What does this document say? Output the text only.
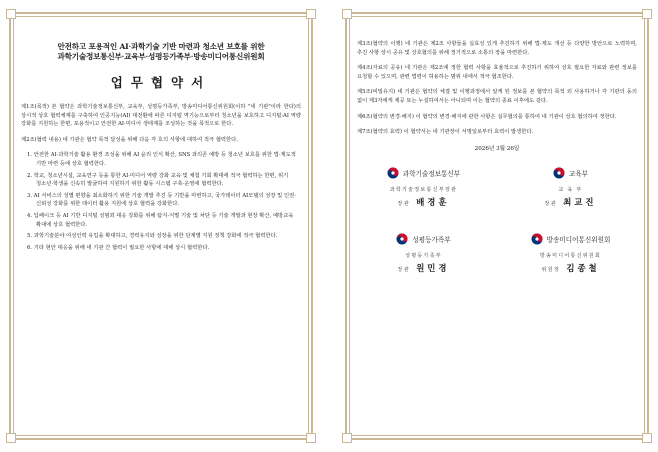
안전하고 포용적인 AI·과학기술 기반 마련과 청소년 보호를 위한
과학기술정보통신부·교육부·성평등가족부·방송미디어통신위원회
업무협약서

제1조(목적) 본 협약은 과학기술정보통신부, 교육부, 성평등가족부, 방송미디어통신위원회(이하 "네 기관"이라 한다)의 상시적 상호 협력체계를 구축하여 인공지능(AI) 대전환에 따른 디지털 역기능으로부터 청소년을 보호하고 디지털·AI 역량 강화를 지원하는 한편, 포용적이고 안전한 AI·미디어 생태계를 조성하는 것을 목적으로 한다.

제2조(협력 내용) 네 기관은 협약 목적 달성을 위해 다음 각 호의 사항에 대하여 적극 협력한다.

1. 안전한 AI·과학기술 활용 환경 조성을 위해 AI 윤리 인식 확산, SNS 과의존 예방 등 청소년 보호를 위한 법·제도적 기반 마련 등에 상호 협력한다.
2. 학교, 청소년시설, 교육연구 등을 통한 AI·미디어 역량 강화 교육 및 체험 기회 확대에 적극 협력하는 한편, 위기 청소년·학생을 신속히 발굴하여 지원하기 위한 활동 시스템 구축·운영에 협력한다.
3. AI 서비스의 성별 편향을 최소화하기 위한 기술 개발 추진 등 기반을 마련하고, 국가데이터 AI모델의 성장 및 인권·신뢰성 강화를 위한 데이터 활용 지원에 상호 협력을 강화한다.
4. 딥페이크 등 AI 기반 디지털 성범죄 대응 강화를 위해 탐지·식별 기술 및 차단 등 기술 개발과 현장 확산, 예방교육 확대에 상호 협력한다.
5. 과학기술분야 여성인력 유입을 확대하고, 경력유지와 성장을 위한 단계별 지원 정책 강화에 적극 협력한다.
6. 기타 현안 대응을 위해 네 기관 간 협력이 필요한 사항에 대해 상시 협력한다.

제3조(협약의 이행) 네 기관은 제2조 사항들을 실효성 있게 추진하기 위해 법·제도 개선 등 다양한 방안으로 노력하며, 추진 사항 상시 공유 및 상호협의를 위해 정기적으로 소통의 장을 마련한다.

제4조(자료의 공유) 네 기관은 제2조에 정한 협력 사항을 효율적으로 추진하기 위하여 상호 필요한 자료와 관련 정보를 요청할 수 있으며, 관련 법령이 허용하는 범위 내에서 적극 협조한다.

제5조(비밀유지) 네 기관은 협약의 체결 및 이행과정에서 알게 된 정보를 본 협약의 목적 외 사용하거나 각 기관의 동의 없이 제3자에게 제공 또는 누설하여서는 아니되며 이는 협약의 종료 이후에도 같다.

제6조(협약의 변경·해지) 이 협약의 변경·해지에 관한 사항은 실무협의를 통하여 네 기관이 상호 협의하여 정한다.

제7조(협약의 효력) 이 협약서는 네 기관장이 서명일로부터 효력이 발생한다.

2026년 3월 26일
과학기술정보통신부
과학기술정보통신부장관
장관 배경훈
교육부
교 육 부
장관 최교진
성평등가족부
성평등가족부
장관 원민경
방송미디어통신위원회
방송미디어통신위원회
위원장 김종철
